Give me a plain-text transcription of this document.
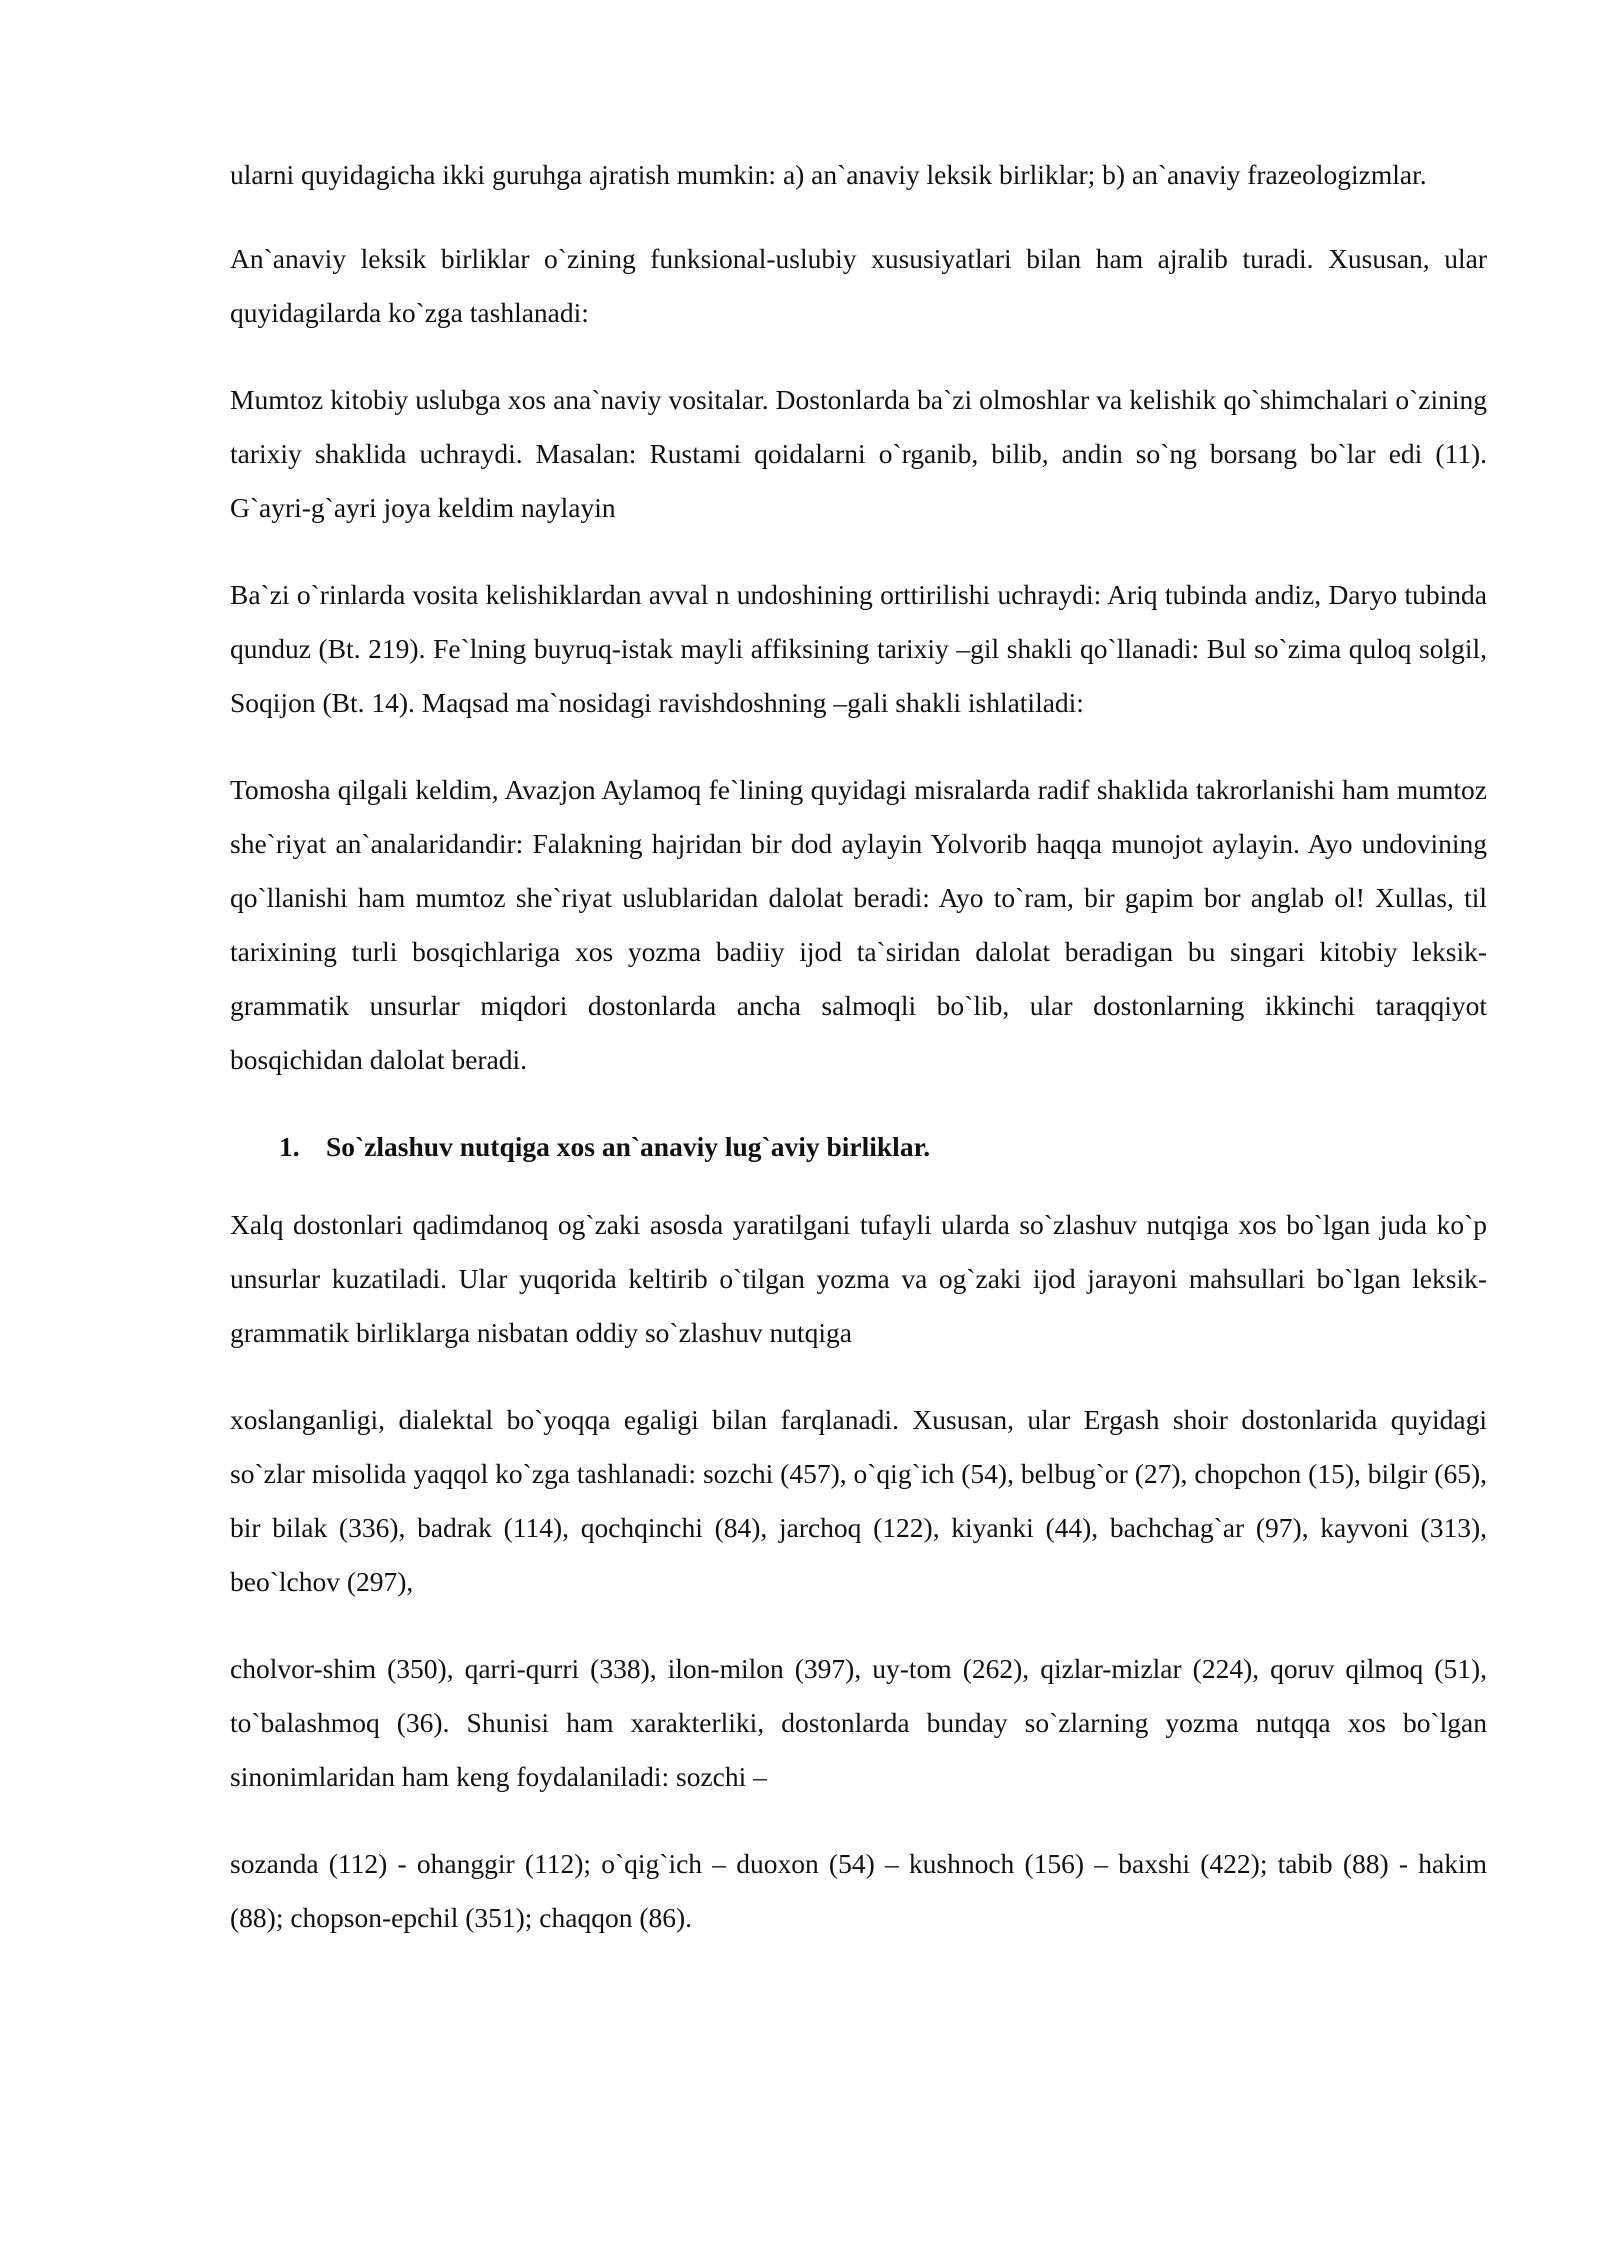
ularni quyidagicha ikki guruhga ajratish mumkin: a) an`anaviy leksik birliklar; b) an`anaviy frazeologizmlar.

An`anaviy leksik birliklar o`zining funksional-uslubiy xususiyatlari bilan ham ajralib turadi. Xususan, ular quyidagilarda ko`zga tashlanadi:

Mumtoz kitobiy uslubga xos ana`naviy vositalar. Dostonlarda ba`zi olmoshlar va kelishik qo`shimchalari o`zining tarixiy shaklida uchraydi. Masalan: Rustami qoidalarni o`rganib, bilib, andin so`ng borsang bo`lar edi (11). G`ayri-g`ayri joya keldim naylayin

Ba`zi o`rinlarda vosita kelishiklardan avval n undoshining orttirilishi uchraydi: Ariq tubinda andiz, Daryo tubinda qunduz (Bt. 219). Fe`lning buyruq-istak mayli affiksining tarixiy –gil shakli qo`llanadi: Bul so`zima quloq solgil, Soqijon (Bt. 14). Maqsad ma`nosidagi ravishdoshning –gali shakli ishlatiladi:

Tomosha qilgali keldim, Avazjon Aylamoq fe`lining quyidagi misralarda radif shaklida takrorlanishi ham mumtoz she`riyat an`analaridandir: Falakning hajridan bir dod aylayin Yolvorib haqqa munojot aylayin. Ayo undovining qo`llanishi ham mumtoz she`riyat uslublaridan dalolat beradi: Ayo to`ram, bir gapim bor anglab ol! Xullas, til tarixining turli bosqichlariga xos yozma badiiy ijod ta`siridan dalolat beradigan bu singari kitobiy leksik-grammatik unsurlar miqdori dostonlarda ancha salmoqli bo`lib, ular dostonlarning ikkinchi taraqqiyot bosqichidan dalolat beradi.

1. So`zlashuv nutqiga xos an`anaviy lug`aviy birliklar.

Xalq dostonlari qadimdanoq og`zaki asosda yaratilgani tufayli ularda so`zlashuv nutqiga xos bo`lgan juda ko`p unsurlar kuzatiladi. Ular yuqorida keltirib o`tilgan yozma va og`zaki ijod jarayoni mahsullari bo`lgan leksik-grammatik birliklarga nisbatan oddiy so`zlashuv nutqiga

xoslanganligi, dialektal bo`yoqqa egaligi bilan farqlanadi. Xususan, ular Ergash shoir dostonlarida quyidagi so`zlar misolida yaqqol ko`zga tashlanadi: sozchi (457), o`qig`ich (54), belbug`or (27), chopchon (15), bilgir (65), bir bilak (336), badrak (114), qochqinchi (84), jarchoq (122), kiyanki (44), bachchag`ar (97), kayvoni (313), beo`lchov (297),

cholvor-shim (350), qarri-qurri (338), ilon-milon (397), uy-tom (262), qizlar-mizlar (224), qoruv qilmoq (51), to`balashmoq (36). Shunisi ham xarakterliki, dostonlarda bunday so`zlarning yozma nutqqa xos bo`lgan sinonimlaridan ham keng foydalaniladi: sozchi –

sozanda (112) - ohanggir (112); o`qig`ich – duoxon (54) – kushnoch (156) – baxshi (422); tabib (88) - hakim (88); chopson-epchil (351); chaqqon (86).
